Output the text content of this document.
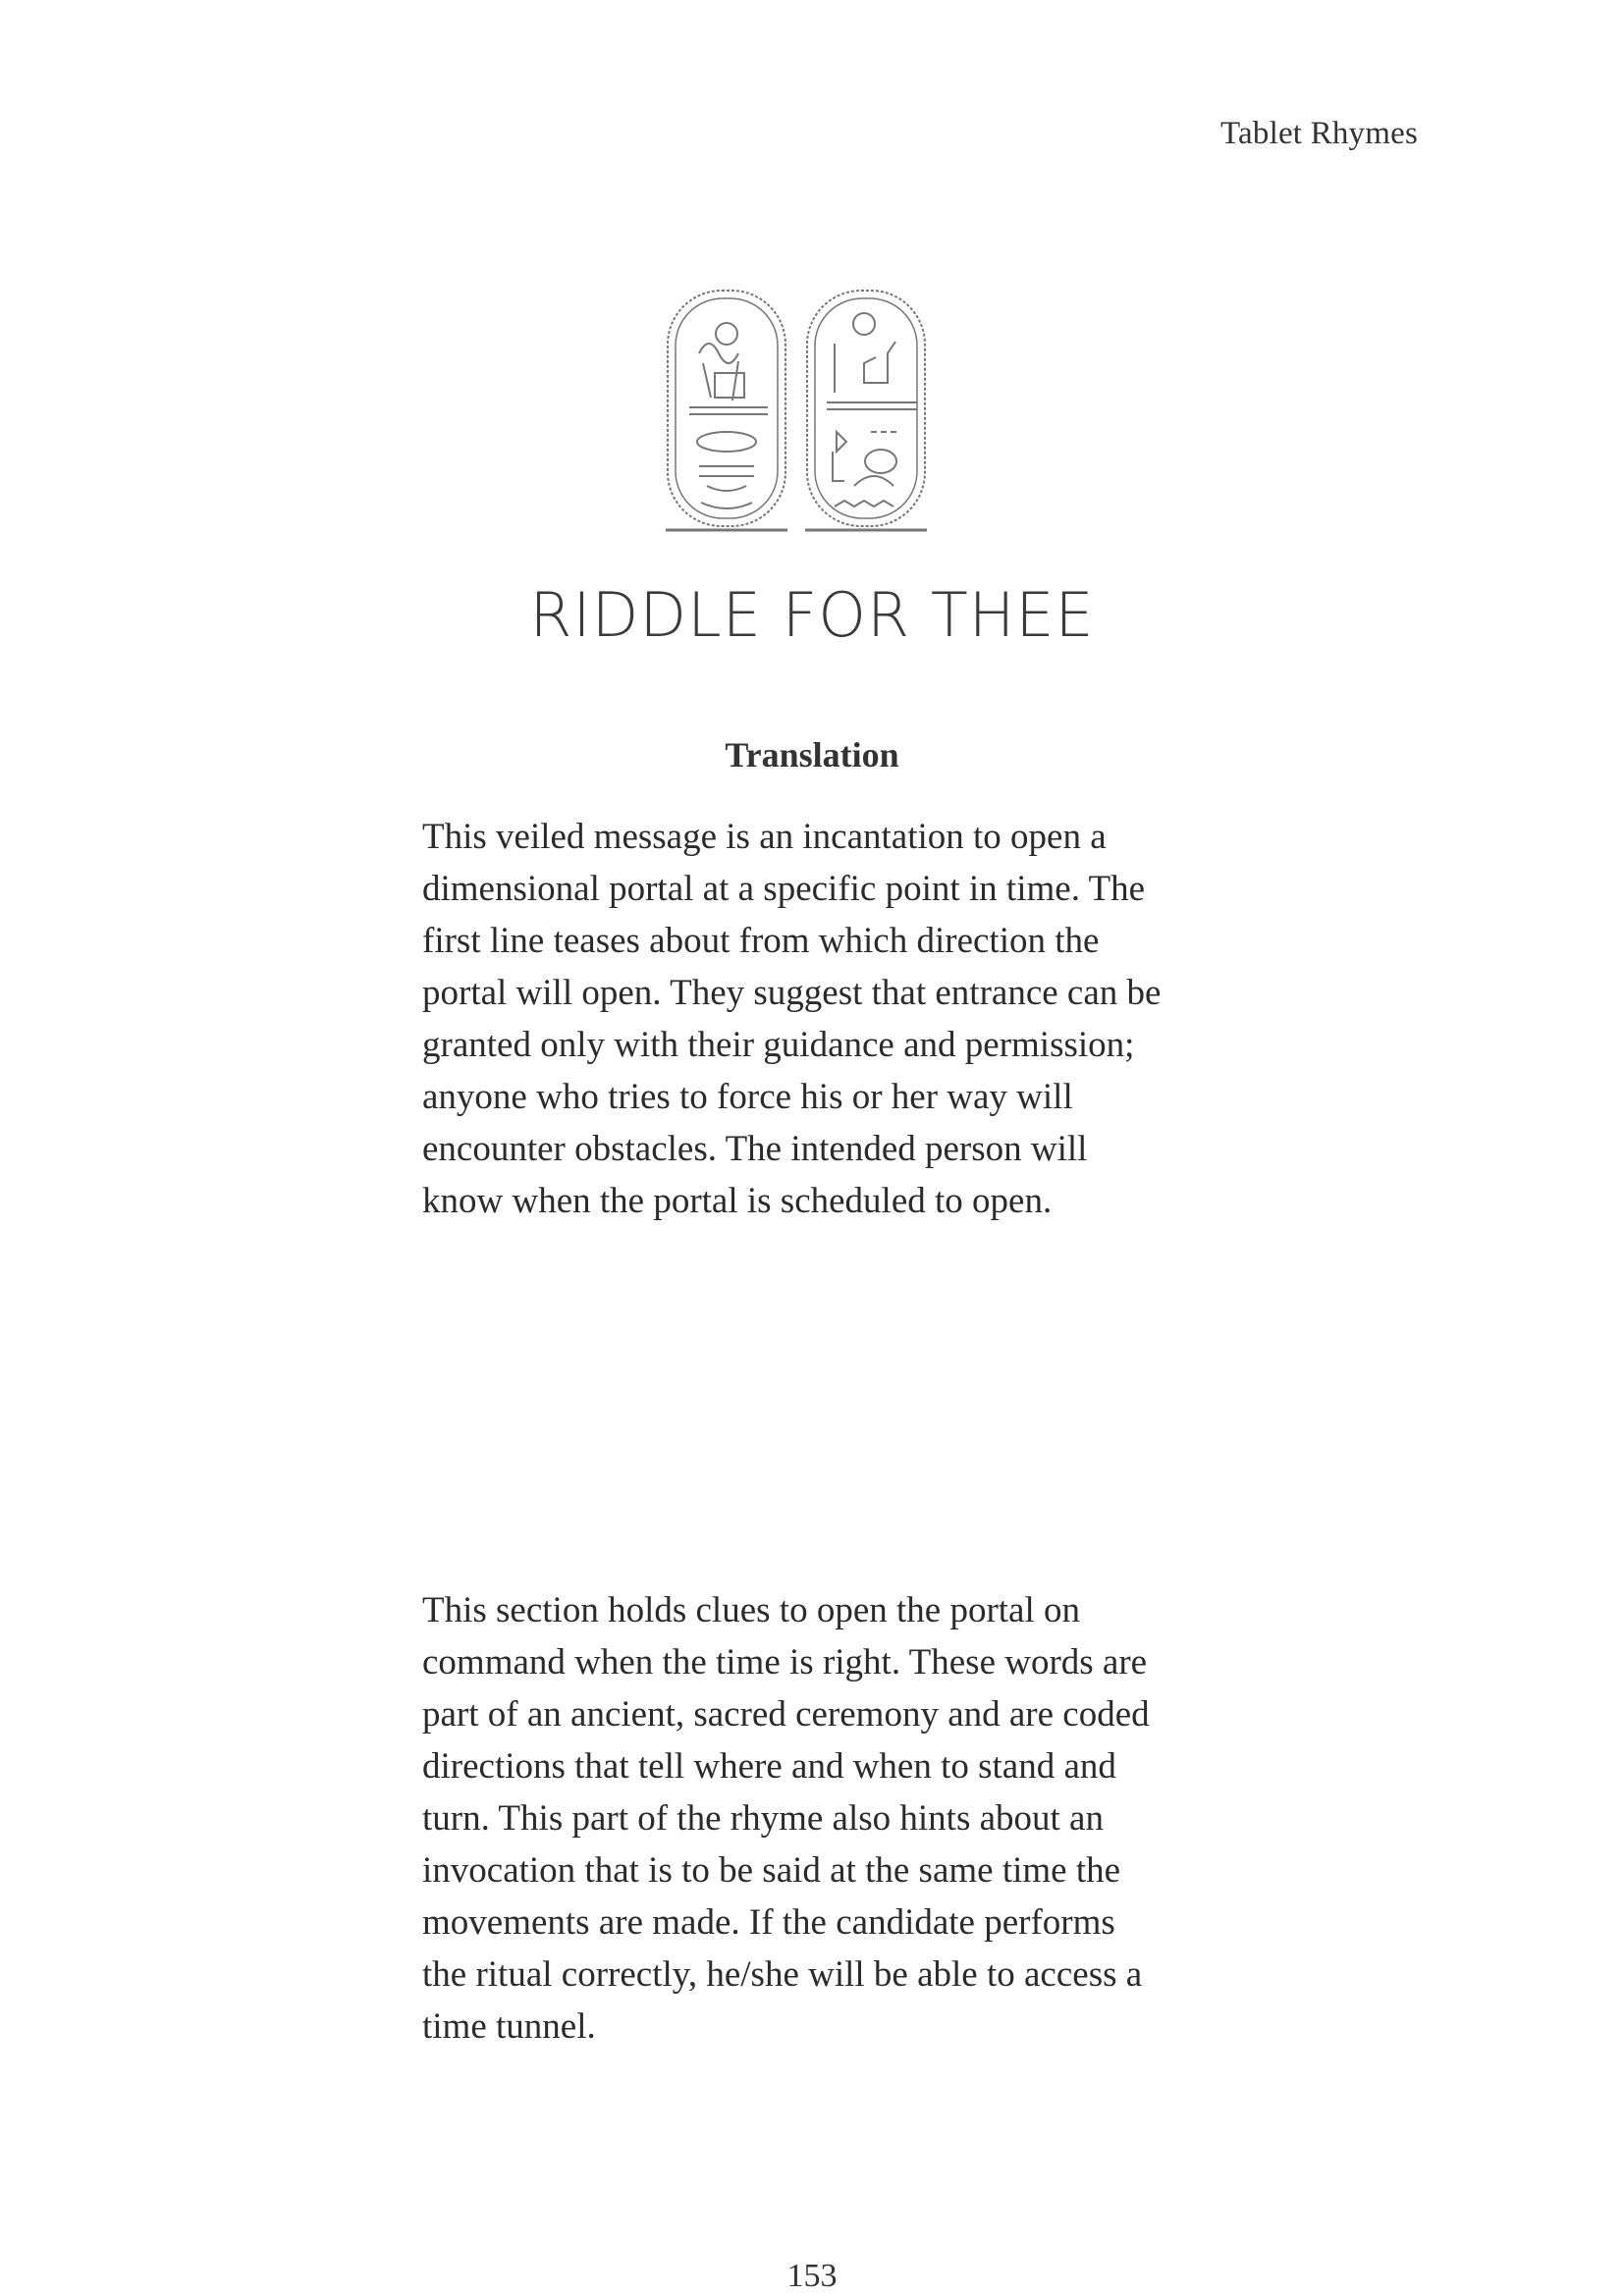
Tablet Rhymes
RIDDLE FOR THEE
Translation
This veiled message is an incantation to open a
dimensional portal at a specific point in time. The
first line teases about from which direction the
portal will open. They suggest that entrance can be
granted only with their guidance and permission;
anyone who tries to force his or her way will
encounter obstacles. The intended person will
know when the portal is scheduled to open.
This section holds clues to open the portal on
command when the time is right. These words are
part of an ancient, sacred ceremony and are coded
directions that tell where and when to stand and
turn. This part of the rhyme also hints about an
invocation that is to be said at the same time the
movements are made. If the candidate performs
the ritual correctly, he/she will be able to access a
time tunnel.
153
